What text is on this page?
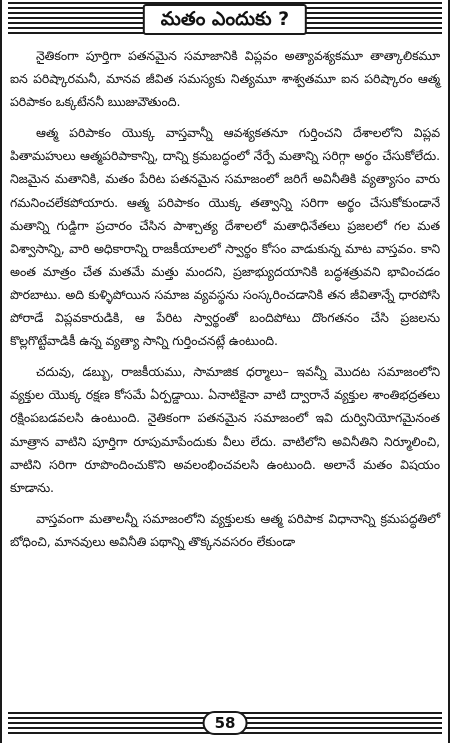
మతం ఎందుకు ?

నైతికంగా పూర్తిగా పతనమైన సమాజానికి విప్లవం అత్యావశ్యకమూ తాత్కాలికమూ ఐన పరిష్కారమనీ, మానవ జీవిత సమస్యకు నిత్యమూ శాశ్వతమూ ఐన పరిష్కారం ఆత్మ పరిపాకం ఒక్కటేననీ ఋజువౌతుంది.

ఆత్మ పరిపాకం యొక్క వాస్తవాన్నీ ఆవశ్యకతనూ గుర్తించని దేశాలలోని విప్లవ పితామహులు ఆత్మపరిపాకాన్ని, దాన్ని క్రమబద్ధంలో నేర్పే మతాన్ని సరిగ్గా అర్థం చేసుకోలేదు. నిజమైన మతానికి, మతం పేరిట పతనమైన సమాజంలో జరిగే అవినీతికి వ్యత్యాసం వారు గమనించలేకపోయారు. ఆత్మ పరిపాకం యొక్క తత్వాన్ని సరిగా అర్థం చేసుకోకుండానే మతాన్ని గుడ్డిగా ప్రచారం చేసిన పాశ్చాత్య దేశాలలో మతాధినేతలు ప్రజలలో గల మత విశ్వాసాన్ని, వారి అధికారాన్ని రాజకీయాలలో స్వార్థం కోసం వాడుకున్న మాట వాస్తవం. కాని అంత మాత్రం చేత మతమే మత్తు మందని, ప్రజాభ్యుదయానికి బద్ధశత్రువని భావించడం పొరబాటు. అది కుళ్ళిపోయిన సమాజ వ్యవస్థను సంస్కరించడానికి తన జీవితాన్నే ధారపోసి పోరాడే విప్లవకారుడికి, ఆ పేరిట స్వార్థంతో బందిపోటు దొంగతనం చేసి ప్రజలను కొల్లగొట్టేవాడికీ ఉన్న వ్యత్యా సాన్ని గుర్తించనట్లే ఉంటుంది.

చదువు, డబ్బు, రాజకీయము, సామాజిక ధర్మాలు– ఇవన్నీ మొదట సమాజంలోని వ్యక్తుల యొక్క రక్షణ కోసమే ఏర్పడ్డాయి. ఏనాటికైనా వాటి ద్వారానే వ్యక్తుల శాంతిభద్రతలు రక్షింపబడవలసి ఉంటుంది. నైతికంగా పతనమైన సమాజంలో ఇవి దుర్వినియోగమైనంత మాత్రాన వాటిని పూర్తిగా రూపుమాపేందుకు వీలు లేదు. వాటిలోని అవినీతిని నిర్మూలించి, వాటిని సరిగా రూపొందించుకొని అవలంభించవలసి ఉంటుంది. అలానే మతం విషయం కూడాను.

వాస్తవంగా మతాలన్నీ సమాజంలోని వ్యక్తులకు ఆత్మ పరిపాక విధానాన్ని క్రమపద్ధతిలో బోధించి, మానవులు అవినీతి పథాన్ని తొక్కనవసరం లేకుండా

58
